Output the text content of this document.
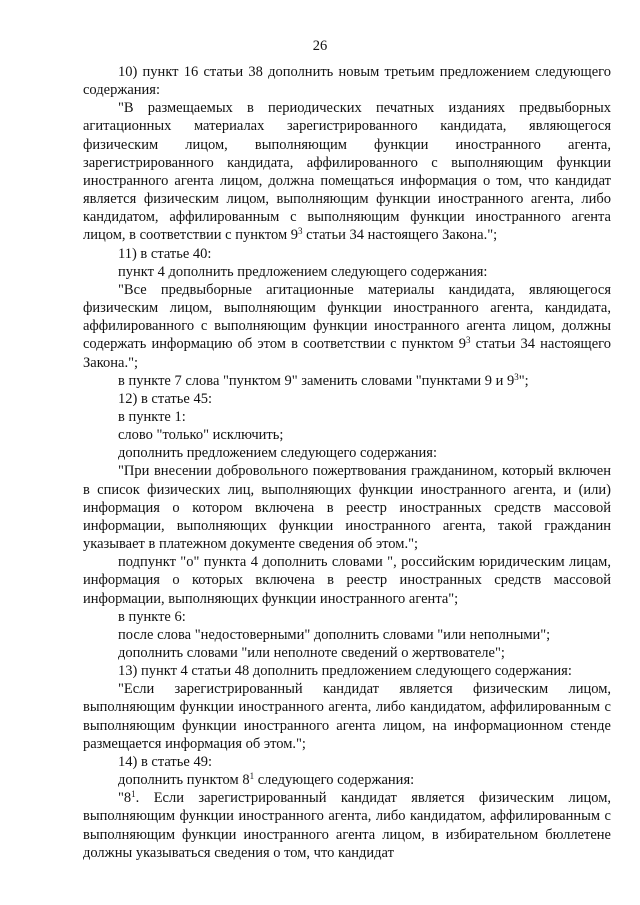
26

10) пункт 16 статьи 38 дополнить новым третьим предложением следующего содержания:

"В размещаемых в периодических печатных изданиях предвыборных агитационных материалах зарегистрированного кандидата, являющегося физическим лицом, выполняющим функции иностранного агента, зарегистрированного кандидата, аффилированного с выполняющим функции иностранного агента лицом, должна помещаться информация о том, что кандидат является физическим лицом, выполняющим функции иностранного агента, либо кандидатом, аффилированным с выполняющим функции иностранного агента лицом, в соответствии с пунктом $9^3$ статьи 34 настоящего Закона.";

11) в статье 40:

пункт 4 дополнить предложением следующего содержания:

"Все предвыборные агитационные материалы кандидата, являющегося физическим лицом, выполняющим функции иностранного агента, кандидата, аффилированного с выполняющим функции иностранного агента лицом, должны содержать информацию об этом в соответствии с пунктом $9^3$ статьи 34 настоящего Закона.";

в пункте 7 слова "пунктом 9" заменить словами "пунктами 9 и $9^3$";

12) в статье 45:

в пункте 1:

слово "только" исключить;

дополнить предложением следующего содержания:

"При внесении добровольного пожертвования гражданином, который включен в список физических лиц, выполняющих функции иностранного агента, и (или) информация о котором включена в реестр иностранных средств массовой информации, выполняющих функции иностранного агента, такой гражданин указывает в платежном документе сведения об этом.";

подпункт "о" пункта 4 дополнить словами ", российским юридическим лицам, информация о которых включена в реестр иностранных средств массовой информации, выполняющих функции иностранного агента";

в пункте 6:

после слова "недостоверными" дополнить словами "или неполными";

дополнить словами "или неполноте сведений о жертвователе";

13) пункт 4 статьи 48 дополнить предложением следующего содержания:

"Если зарегистрированный кандидат является физическим лицом, выполняющим функции иностранного агента, либо кандидатом, аффилированным с выполняющим функции иностранного агента лицом, на информационном стенде размещается информация об этом.";

14) в статье 49:

дополнить пунктом $8^1$ следующего содержания:

"$8^1$. Если зарегистрированный кандидат является физическим лицом, выполняющим функции иностранного агента, либо кандидатом, аффилированным с выполняющим функции иностранного агента лицом, в избирательном бюллетене должны указываться сведения о том, что кандидат
